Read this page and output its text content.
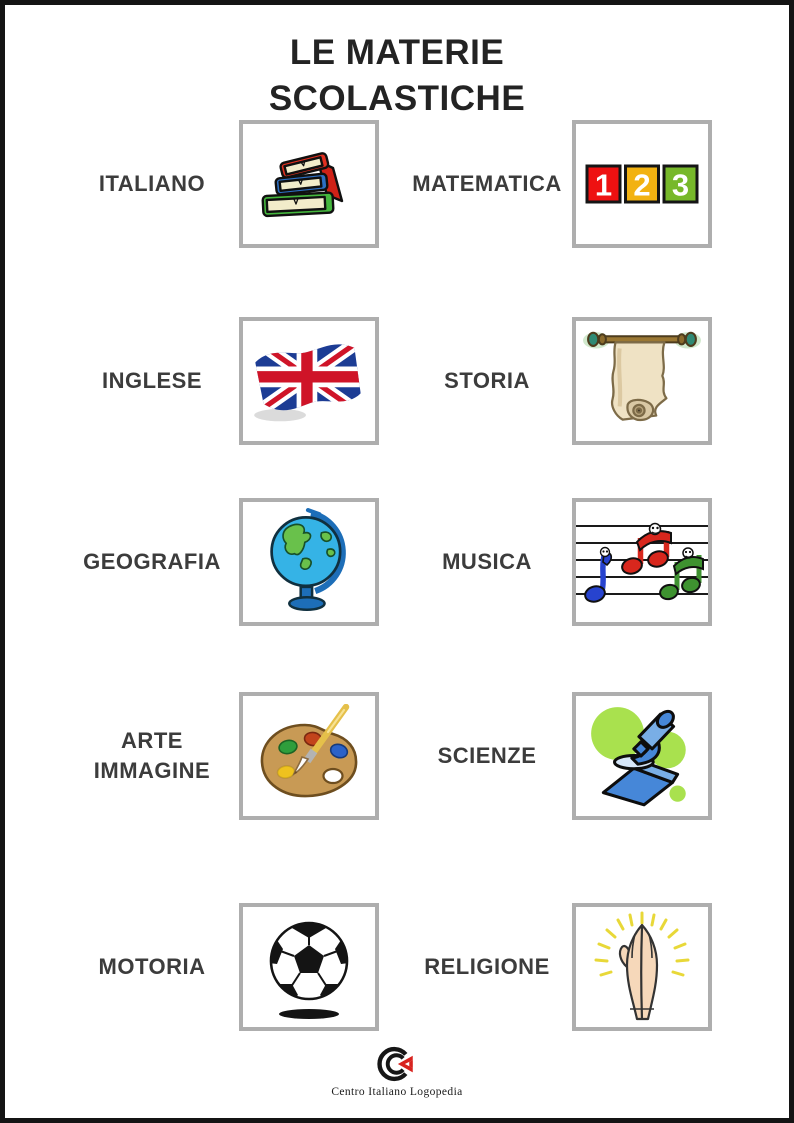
LE MATERIE
SCOLASTICHE
ITALIANO	MATEMATICA	1 2 3
INGLESE	STORIA
GEOGRAFIA	MUSICA
ARTE IMMAGINE
SCIENZE
MOTORIA	RELIGIONE
Centro Italiano Logopedia
